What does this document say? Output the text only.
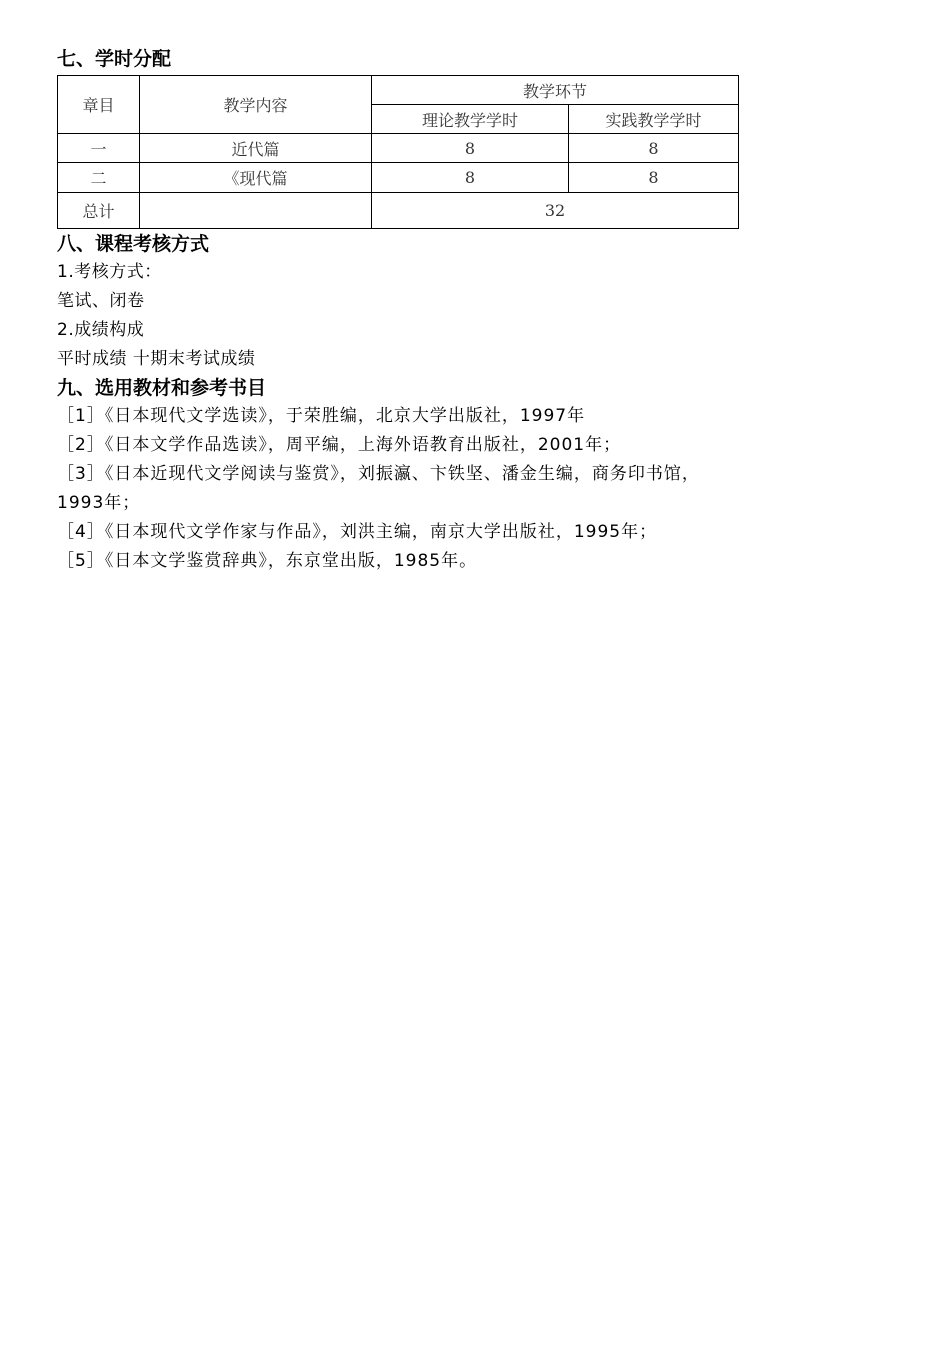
七、学时分配
章目	教学内容	教学环节	
		理论教学学时	实践教学学时
一	近代篇	8	8
二	《现代篇	8	8
总计		32	
八、课程考核方式
1.考核方式：
笔试、闭卷
2.成绩构成
平时成绩 十期末考试成绩
九、选用教材和参考书目
［1］《日本现代文学选读》，于荣胜编，北京大学出版社，1997年
［2］《日本文学作品选读》，周平编，上海外语教育出版社，2001年；
［3］《日本近现代文学阅读与鉴赏》，刘振瀛、卞铁坚、潘金生编，商务印书馆，
1993年；
［4］《日本现代文学作家与作品》，刘洪主编，南京大学出版社，1995年；
［5］《日本文学鉴赏辞典》，东京堂出版，1985年。
